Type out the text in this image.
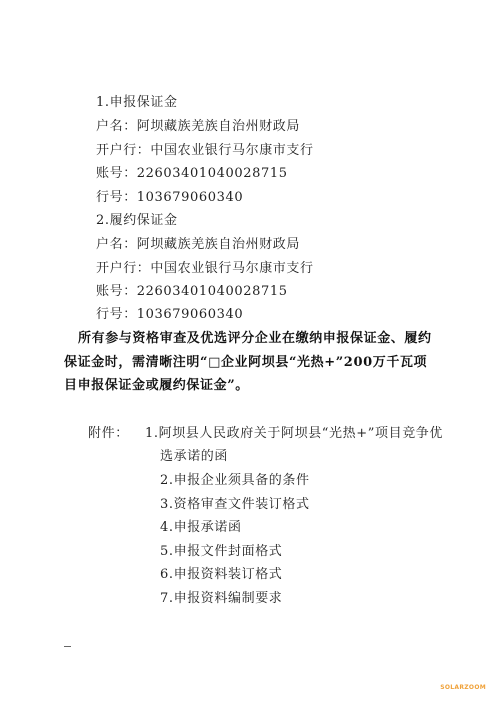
1.申报保证金
户名：阿坝藏族羌族自治州财政局
开户行：中国农业银行马尔康市支行
账号：22603401040028715
行号：103679060340
2.履约保证金
户名：阿坝藏族羌族自治州财政局
开户行：中国农业银行马尔康市支行
账号：22603401040028715
行号：103679060340
所有参与资格审查及优选评分企业在缴纳申报保证金、履约
保证金时，需清晰注明“□企业阿坝县“光热+”200万千瓦项
目申报保证金或履约保证金”。
附件： 1.阿坝县人民政府关于阿坝县“光热+”项目竞争优
选承诺的函
2.申报企业须具备的条件
3.资格审查文件装订格式
4.申报承诺函
5.申报文件封面格式
6.申报资料装订格式
7.申报资料编制要求
SOLARZOOM
